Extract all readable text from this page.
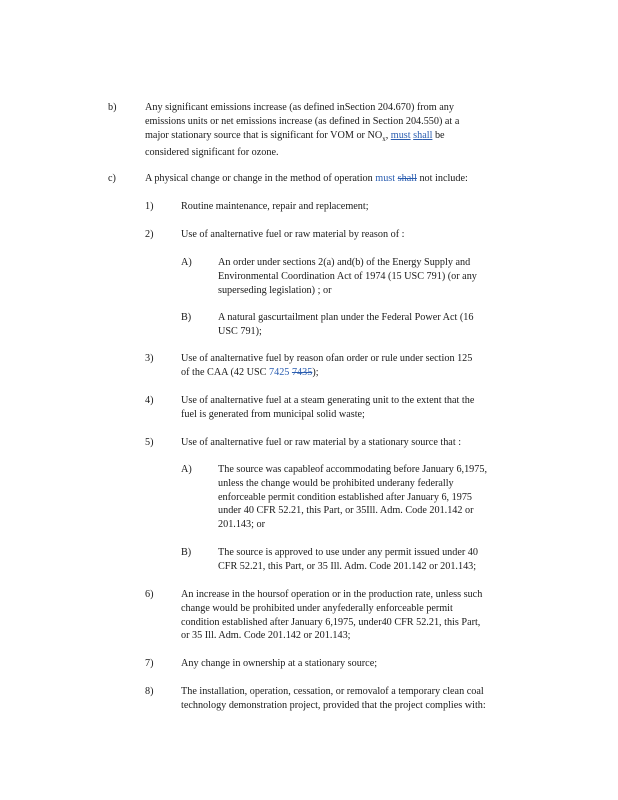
b)	Any significant emissions increase (as defined inSection 204.670) from any
emissions units or net emissions increase (as defined in Section 204.550) at a
major stationary source that is significant for VOM or $NO_x$, must shall be
considered significant for ozone.
c)	A physical change or change in the method of operation must shall not include:
1)	Routine maintenance, repair and replacement;
2)	Use of analternative fuel or raw material by reason of :
A)	An order under sections 2(a) and(b) of the Energy Supply and
Environmental Coordination Act of 1974 (15 USC 791) (or any
superseding legislation) ; or
B)	A natural gascurtailment plan under the Federal Power Act (16
USC 791);
3)	Use of analternative fuel by reason ofan order or rule under section 125
of the CAA (42 USC 7425 7435);
4)	Use of analternative fuel at a steam generating unit to the extent that the
fuel is generated from municipal solid waste;
5)	Use of analternative fuel or raw material by a stationary source that :
A)	The source was capableof accommodating before January 6,1975,
unless the change would be prohibited underany federally
enforceable permit condition established after January 6, 1975
under 40 CFR 52.21, this Part, or 35Ill. Adm. Code 201.142 or
201.143; or
B)	The source is approved to use under any permit issued under 40
CFR 52.21, this Part, or 35 Ill. Adm. Code 201.142 or 201.143;
6)	An increase in the hoursof operation or in the production rate, unless such
change would be prohibited under anyfederally enforceable permit
condition established after January 6,1975, under40 CFR 52.21, this Part,
or 35 Ill. Adm. Code 201.142 or 201.143;
7)	Any change in ownership at a stationary source;
8)	The installation, operation, cessation, or removalof a temporary clean coal
technology demonstration project, provided that the project complies with:
